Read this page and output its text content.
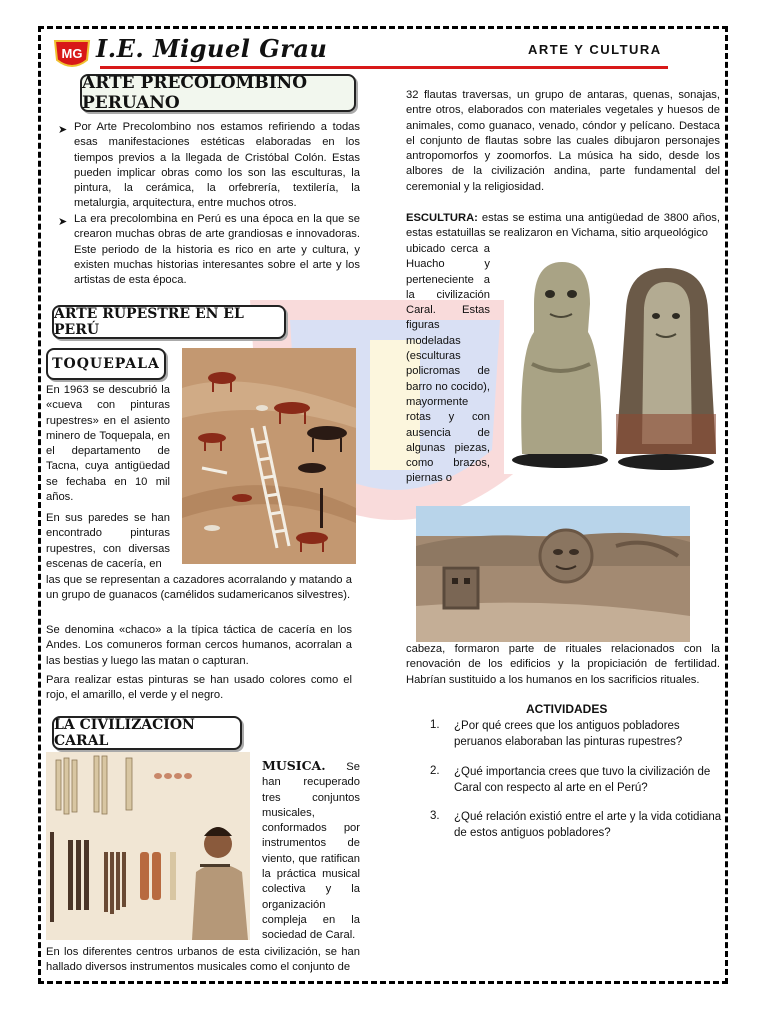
MG I.E. Miguel Grau	ARTE Y CULTURA
ARTE PRECOLOMBINO PERUANO
➤ Por Arte Precolombino nos estamos refiriendo a todas esas manifestaciones estéticas elaboradas en los tiempos previos a la llegada de Cristóbal Colón. Estas pueden implicar obras como los son las esculturas, la pintura, la cerámica, la orfebrería, textilería, la metalurgia, arquitectura, entre muchos otros.
➤ La era precolombina en Perú es una época en la que se crearon muchas obras de arte grandiosas e innovadoras. Este periodo de la historia es rico en arte y cultura, y existen muchas historias interesantes sobre el arte y los artistas de esta época.
ARTE RUPESTRE EN EL PERÚ
TOQUEPALA
En 1963 se descubrió la «cueva con pinturas rupestres» en el asiento minero de Toquepala, en el departamento de Tacna, cuya antigüedad se fechaba en 10 mil años.
En sus paredes se han encontrado pinturas rupestres, con diversas escenas de cacería, en
las que se representan a cazadores acorralando y matando a un grupo de guanacos (camélidos sudamericanos silvestres).
Se denomina «chaco» a la típica táctica de cacería en los Andes. Los comuneros forman cercos humanos, acorralan a las bestias y luego las matan o capturan.
Para realizar estas pinturas se han usado colores como el rojo, el amarillo, el verde y el negro.
LA CIVILIZACION CARAL
MUSICA. Se han recuperado tres conjuntos musicales, conformados por instrumentos de viento, que ratifican la práctica musical colectiva y la organización compleja en la sociedad de Caral.
En los diferentes centros urbanos de esta civilización, se han hallado diversos instrumentos musicales como el conjunto de
32 flautas traversas, un grupo de antaras, quenas, sonajas, entre otros, elaborados con materiales vegetales y huesos de animales, como guanaco, venado, cóndor y pelícano. Destaca el conjunto de flautas sobre las cuales dibujaron personajes antropomorfos y zoomorfos. La música ha sido, desde los albores de la civilización andina, parte fundamental del ceremonial y la religiosidad.
ESCULTURA: estas se estima una antigüedad de 3800 años, estas estatuillas se realizaron en Vichama, sitio arqueológico
ubicado cerca a Huacho y perteneciente a la civilización Caral. Estas figuras modeladas (esculturas policromas de barro no cocido), mayormente rotas y con ausencia de algunas piezas, como brazos, piernas o
cabeza, formaron parte de rituales relacionados con la renovación de los edificios y la propiciación de fertilidad. Habrían sustituido a los humanos en los sacrificios rituales.
ACTIVIDADES
1. ¿Por qué crees que los antiguos pobladores peruanos elaboraban las pinturas rupestres?
2. ¿Qué importancia crees que tuvo la civilización de Caral con respecto al arte en el Perú?
3. ¿Qué relación existió entre el arte y la vida cotidiana de estos antiguos pobladores?
